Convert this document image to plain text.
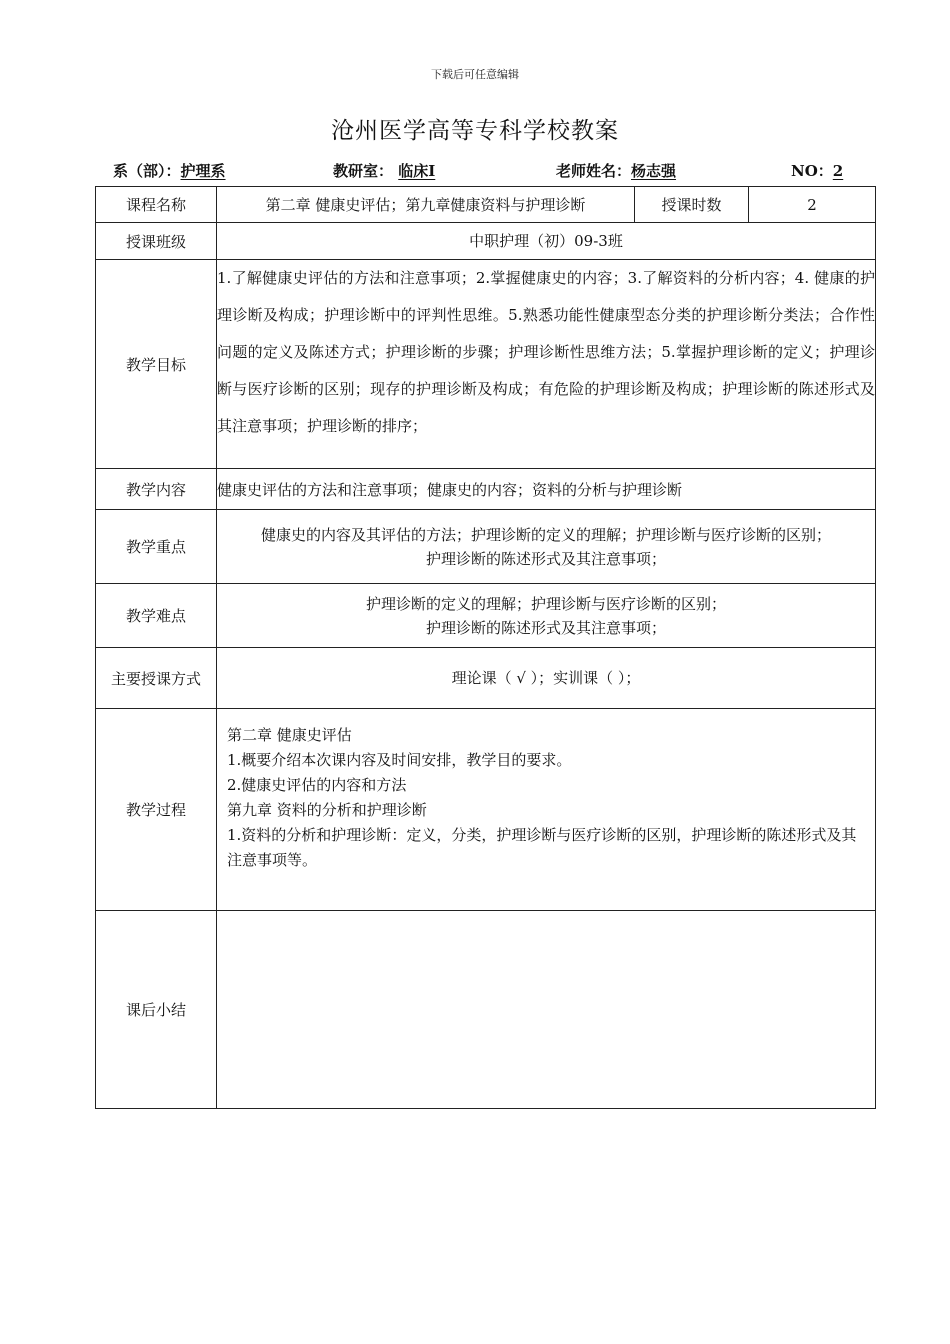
下载后可任意编辑
沧州医学高等专科学校教案
系（部）：护理系	教研室： 临床Ⅰ	老师姓名：杨志强	NO：2
课程名称	第二章 健康史评估；第九章健康资料与护理诊断	授课时数	2
授课班级	中职护理（初）09-3班		
教学目标	1.了解健康史评估的方法和注意事项；2.掌握健康史的内容；3.了解资料的分析内容；4. 健康的护理诊断及构成；护理诊断中的评判性思维。5.熟悉功能性健康型态分类的护理诊断分类法；合作性问题的定义及陈述方式；护理诊断的步骤；护理诊断性思维方法；5.掌握护理诊断的定义；护理诊断与医疗诊断的区别；现存的护理诊断及构成；有危险的护理诊断及构成；护理诊断的陈述形式及其注意事项；护理诊断的排序；		

教学内容	健康史评估的方法和注意事项；健康史的内容；资料的分析与护理诊断		
教学重点	健康史的内容及其评估的方法；护理诊断的定义的理解；护理诊断与医疗诊断的区别；
护理诊断的陈述形式及其注意事项；		

教学难点	护理诊断的定义的理解；护理诊断与医疗诊断的区别；
护理诊断的陈述形式及其注意事项；		

主要授课方式	理论课（ √ ）；实训课（ ）；		
教学过程	第二章 健康史评估
1.概要介绍本次课内容及时间安排，教学目的要求。
2.健康史评估的内容和方法
第九章 资料的分析和护理诊断
1.资料的分析和护理诊断：定义，分类，护理诊断与医疗诊断的区别，护理诊断的陈述形式及其注意事项等。		

课后小结			
